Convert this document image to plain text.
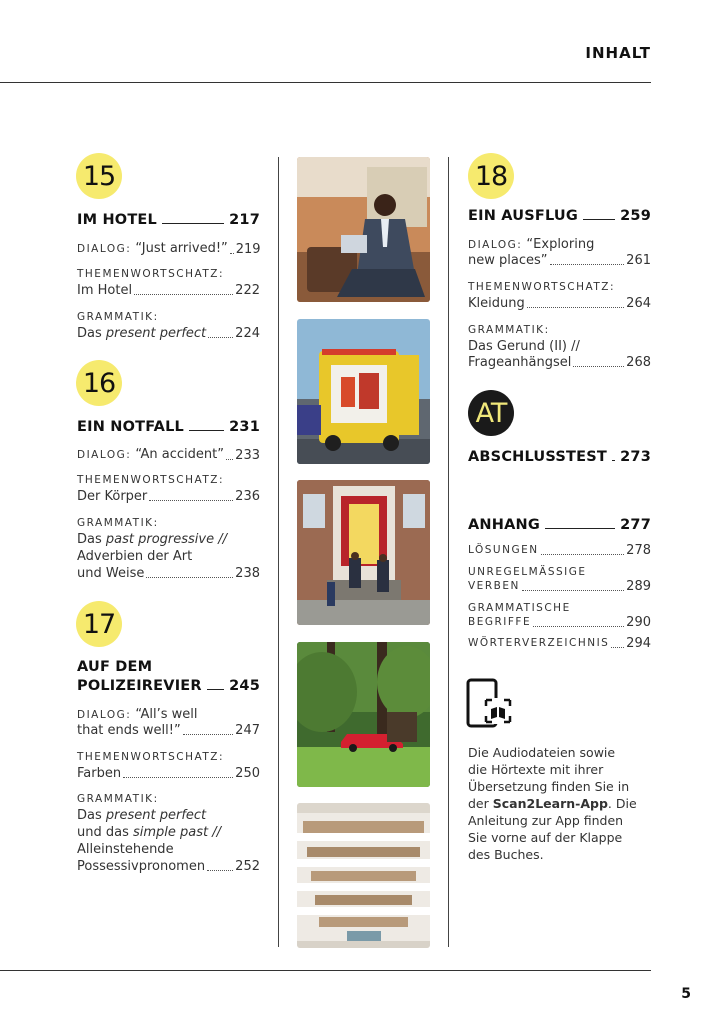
INHALT
15
IM HOTEL	217
DIALOG: “Just arrived!” 219
THEMENWORTSCHATZ:
Im Hotel	222
GRAMMATIK:
Das present perfect 224
16
EIN NOTFALL	231
DIALOG: “An accident” 233
THEMENWORTSCHATZ:
Der Körper	236
GRAMMATIK:
Das past progressive //
Adverbien der Art
und Weise	238
17
AUF DEM
POLIZEIREVIER 245
DIALOG: “All’s well
that ends well!”	247
THEMENWORTSCHATZ:
Farben	250
GRAMMATIK:
Das present perfect
und das simple past //
Alleinstehende
Possessivpronomen 252
18
EIN AUSFLUG	259
DIALOG: “Exploring
new places”	261
THEMENWORTSCHATZ:
Kleidung	264
GRAMMATIK:
Das Gerund (II) //
Frageanhängsel	268
AT
ABSCHLUSSTEST 273
ANHANG	277
LÖSUNGEN	278
UNREGELMÄSSIGE
VERBEN	289
GRAMMATISCHE
BEGRIFFE	290
WÖRTERVERZEICHNIS 294
Die Audiodateien sowie
die Hörtexte mit ihrer
Übersetzung finden Sie in
der Scan2Learn-App. Die
Anleitung zur App finden
Sie vorne auf der Klappe
des Buches.
5
